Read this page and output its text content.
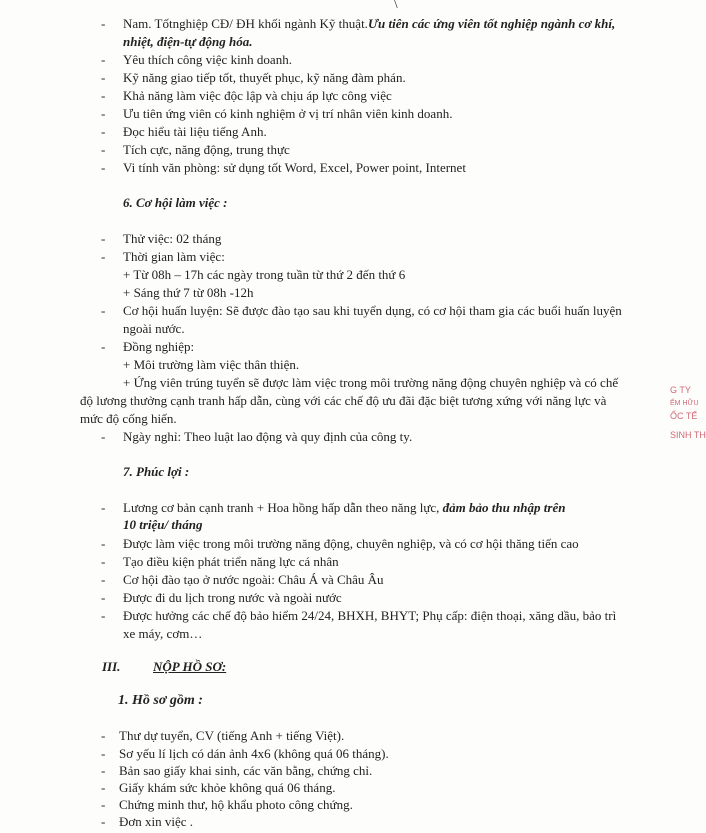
\
-	Nam. Tốtnghiệp CĐ/ ĐH khối ngành Kỹ thuật.Ưu tiên các ứng viên tốt nghiệp ngành cơ khí,
nhiệt, điện-tự động hóa.
-	Yêu thích công việc kinh doanh.
-	Kỹ năng giao tiếp tốt, thuyết phục, kỹ năng đàm phán.
-	Khả năng làm việc độc lập và chịu áp lực công việc
-	Ưu tiên ứng viên có kinh nghiệm ở vị trí nhân viên kinh doanh.
-	Đọc hiểu tài liệu tiếng Anh.
-	Tích cực, năng động, trung thực
-	Vi tính văn phòng: sử dụng tốt Word, Excel, Power point, Internet
6. Cơ hội làm việc :
-	Thử việc: 02 tháng
-	Thời gian làm việc:
+ Từ 08h – 17h các ngày trong tuần từ thứ 2 đến thứ 6
+ Sáng thứ 7 từ 08h -12h
-	Cơ hội huấn luyện: Sẽ được đào tạo sau khi tuyển dụng, có cơ hội tham gia các buổi huấn luyện
ngoài nước.
-	Đồng nghiệp:
+ Môi trường làm việc thân thiện.
+ Ứng viên trúng tuyển sẽ được làm việc trong môi trường năng động chuyên nghiệp và có chế
độ lương thưởng cạnh tranh hấp dẫn, cùng với các chế độ ưu đãi đặc biệt tương xứng với năng lực và
mức độ cống hiến.
-	Ngày nghỉ: Theo luật lao động và quy định của công ty.
7. Phúc lợi :
-	Lương cơ bản cạnh tranh + Hoa hồng hấp dẫn theo năng lực, đảm bảo thu nhập trên
10 triệu/ tháng
-	Được làm việc trong môi trường năng động, chuyên nghiệp, và có cơ hội thăng tiến cao
-	Tạo điều kiện phát triển năng lực cá nhân
-	Cơ hội đào tạo ở nước ngoài: Châu Á và Châu Âu
-	Được đi du lịch trong nước và ngoài nước
-	Được hưởng các chế độ bảo hiểm 24/24, BHXH, BHYT; Phụ cấp: điện thoại, xăng dầu, bảo trì
xe máy, cơm…
III.	NỘP HỒ SƠ:
1. Hồ sơ gồm :
-	Thư dự tuyển, CV (tiếng Anh + tiếng Việt).
-	Sơ yếu lí lịch có dán ảnh 4x6 (không quá 06 tháng).
-	Bản sao giấy khai sinh, các văn bằng, chứng chỉ.
-	Giấy khám sức khỏe không quá 06 tháng.
-	Chứng minh thư, hộ khẩu photo công chứng.
-	Đơn xin việc .
G TY
ẾM HỮU
ỐC TẾ
SINH TH
